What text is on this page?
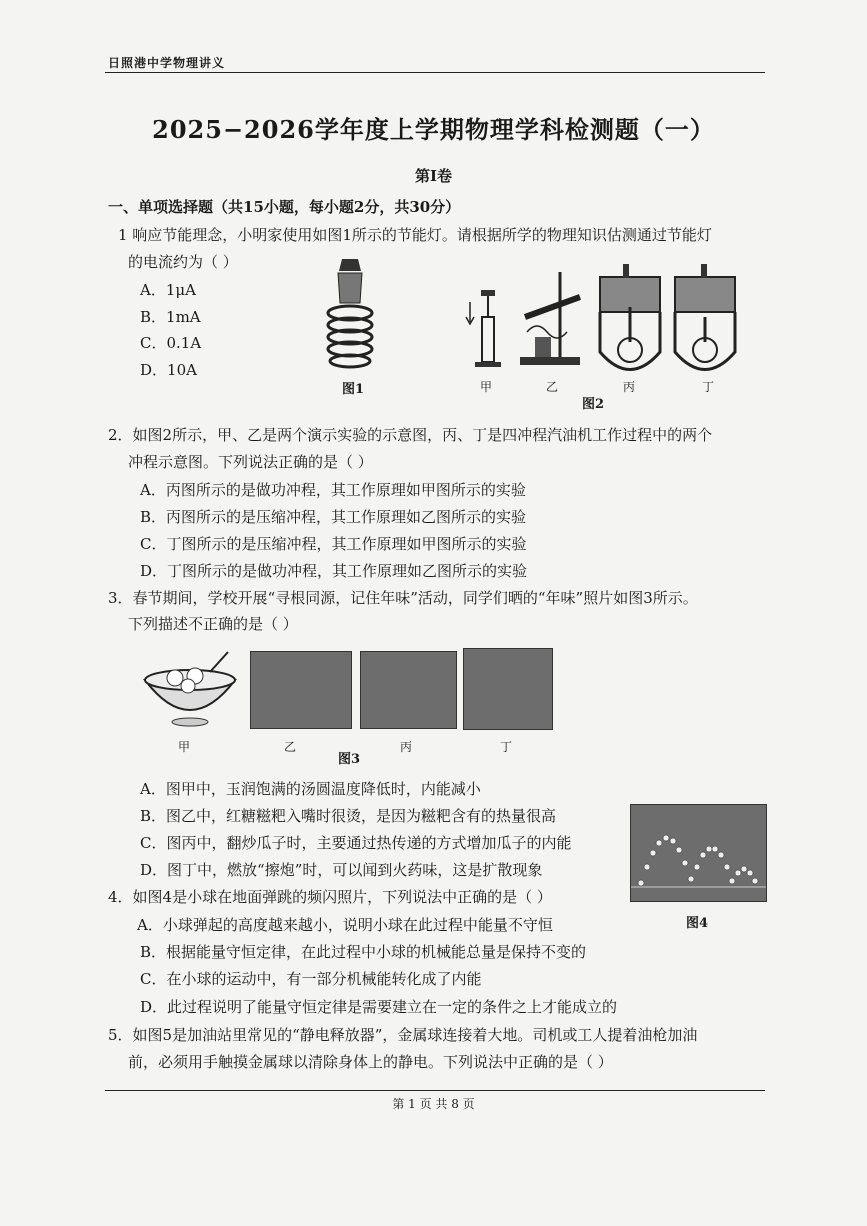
日照港中学物理讲义
2025−2026学年度上学期物理学科检测题（一）
第Ⅰ卷
一、单项选择题（共15小题，每小题2分，共30分）
1 响应节能理念，小明家使用如图1所示的节能灯。请根据所学的物理知识估测通过节能灯
的电流约为（ ）
A．1μA
B．1mA
C．0.1A
D．10A
图1	甲	乙	丙	丁
图2
2．如图2所示，甲、乙是两个演示实验的示意图，丙、丁是四冲程汽油机工作过程中的两个
冲程示意图。下列说法正确的是（ ）
A．丙图所示的是做功冲程，其工作原理如甲图所示的实验
B．丙图所示的是压缩冲程，其工作原理如乙图所示的实验
C．丁图所示的是压缩冲程，其工作原理如甲图所示的实验
D．丁图所示的是做功冲程，其工作原理如乙图所示的实验
3．春节期间，学校开展“寻根同源，记住年味”活动，同学们晒的“年味”照片如图3所示。
下列描述不正确的是（ ）
甲	乙
图3
丙	丁
A．图甲中，玉润饱满的汤圆温度降低时，内能减小
B．图乙中，红糖糍粑入嘴时很烫，是因为糍粑含有的热量很高
C．图丙中，翻炒瓜子时，主要通过热传递的方式增加瓜子的内能
D．图丁中，燃放“擦炮”时，可以闻到火药味，这是扩散现象
图4
4．如图4是小球在地面弹跳的频闪照片，下列说法中正确的是（ ）
A．小球弹起的高度越来越小，说明小球在此过程中能量不守恒
B．根据能量守恒定律，在此过程中小球的机械能总量是保持不变的
C．在小球的运动中，有一部分机械能转化成了内能
D．此过程说明了能量守恒定律是需要建立在一定的条件之上才能成立的
5．如图5是加油站里常见的“静电释放器”，金属球连接着大地。司机或工人提着油枪加油
前，必须用手触摸金属球以清除身体上的静电。下列说法中正确的是（ ）
第 1 页 共 8 页
